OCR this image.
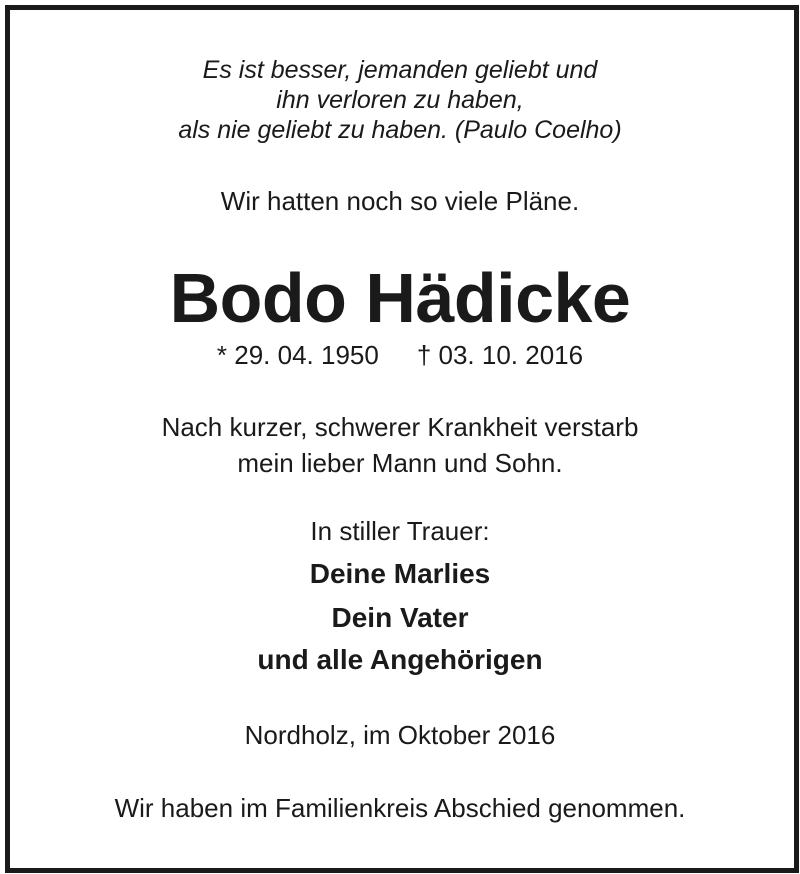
Es ist besser, jemanden geliebt und
ihn verloren zu haben,
als nie geliebt zu haben. (Paulo Coelho)
Wir hatten noch so viele Pläne.
Bodo Hädicke
* 29. 04. 1950 † 03. 10. 2016
Nach kurzer, schwerer Krankheit verstarb
mein lieber Mann und Sohn.
In stiller Trauer:
Deine Marlies
Dein Vater
und alle Angehörigen
Nordholz, im Oktober 2016
Wir haben im Familienkreis Abschied genommen.
